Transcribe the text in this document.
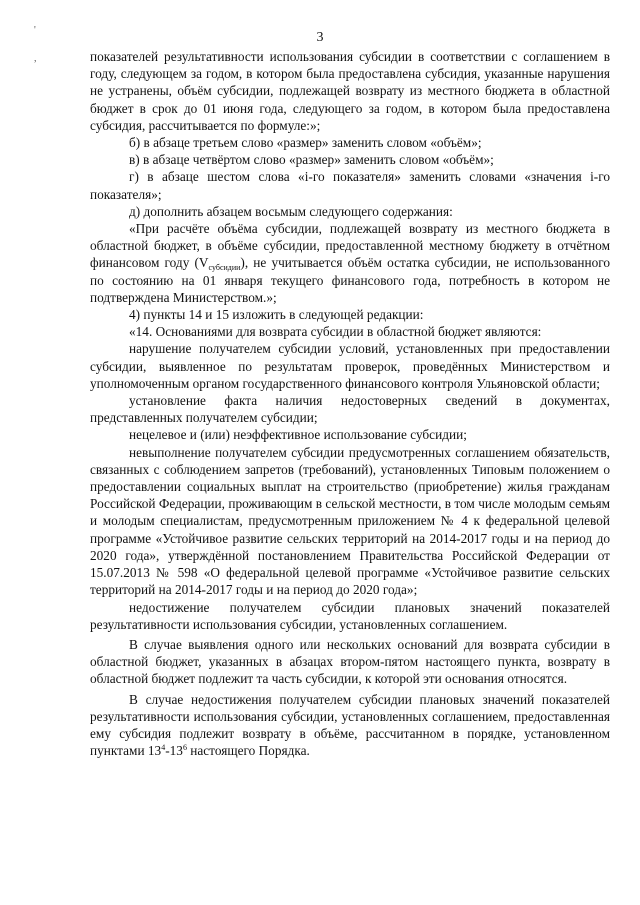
3
'
,	показателей результативности использования субсидии в соответствии с соглашением в году, следующем за годом, в котором была предоставлена субсидия, указанные нарушения не устранены, объём субсидии, подлежащей возврату из местного бюджета в областной бюджет в срок до 01 июня года, следующего за годом, в котором была предоставлена субсидия, рассчитывается по формуле:»;

б) в абзаце третьем слово «размер» заменить словом «объём»;

в) в абзаце четвёртом слово «размер» заменить словом «объём»;

г) в абзаце шестом слова «i-го показателя» заменить словами «значения i-го показателя»;

д) дополнить абзацем восьмым следующего содержания:

«При расчёте объёма субсидии, подлежащей возврату из местного бюджета в областной бюджет, в объёме субсидии, предоставленной местному бюджету в отчётном финансовом году $(V_{субсидии})$, не учитывается объём остатка субсидии, не использованного по состоянию на 01 января текущего финансового года, потребность в котором не подтверждена Министерством.»;

4) пункты 14 и 15 изложить в следующей редакции:

«14. Основаниями для возврата субсидии в областной бюджет являются:

нарушение получателем субсидии условий, установленных при предоставлении субсидии, выявленное по результатам проверок, проведённых Министерством и уполномоченным органом государственного финансового контроля Ульяновской области;

установление факта наличия недостоверных сведений в документах, представленных получателем субсидии;

нецелевое и (или) неэффективное использование субсидии;

невыполнение получателем субсидии предусмотренных соглашением обязательств, связанных с соблюдением запретов (требований), установленных Типовым положением о предоставлении социальных выплат на строительство (приобретение) жилья гражданам Российской Федерации, проживающим в сельской местности, в том числе молодым семьям и молодым специалистам, предусмотренным приложением № 4 к федеральной целевой программе «Устойчивое развитие сельских территорий на 2014-2017 годы и на период до 2020 года», утверждённой постановлением Правительства Российской Федерации от 15.07.2013 № 598 «О федеральной целевой программе «Устойчивое развитие сельских территорий на 2014-2017 годы и на период до 2020 года»;

недостижение получателем субсидии плановых значений показателей результативности использования субсидии, установленных соглашением.

В случае выявления одного или нескольких оснований для возврата субсидии в областной бюджет, указанных в абзацах втором-пятом настоящего пункта, возврату в областной бюджет подлежит та часть субсидии, к которой эти основания относятся.

В случае недостижения получателем субсидии плановых значений показателей результативности использования субсидии, установленных соглашением, предоставленная ему субсидия подлежит возврату в объёме, рассчитанном в порядке, установленном пунктами $13^4-13^6$ настоящего Порядка.
